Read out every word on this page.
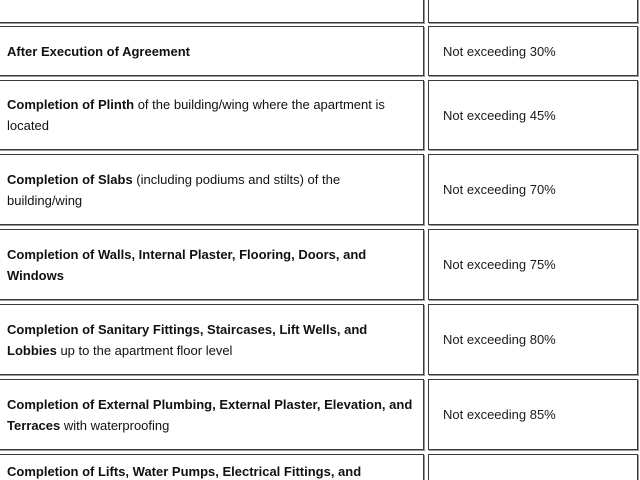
After Execution of Agreement	Not exceeding 30%
Completion of Plinth of the building/wing where the apartment is located
Not exceeding 45%
Completion of Slabs (including podiums and stilts) of the building/wing
Not exceeding 70%
Completion of Walls, Internal Plaster, Flooring, Doors, and Windows
Not exceeding 75%
Completion of Sanitary Fittings, Staircases, Lift Wells, and Lobbies up to the apartment floor level
Not exceeding 80%
Completion of External Plumbing, External Plaster, Elevation, and Terraces with waterproofing
Not exceeding 85%
Completion of Lifts, Water Pumps, Electrical Fittings, and
